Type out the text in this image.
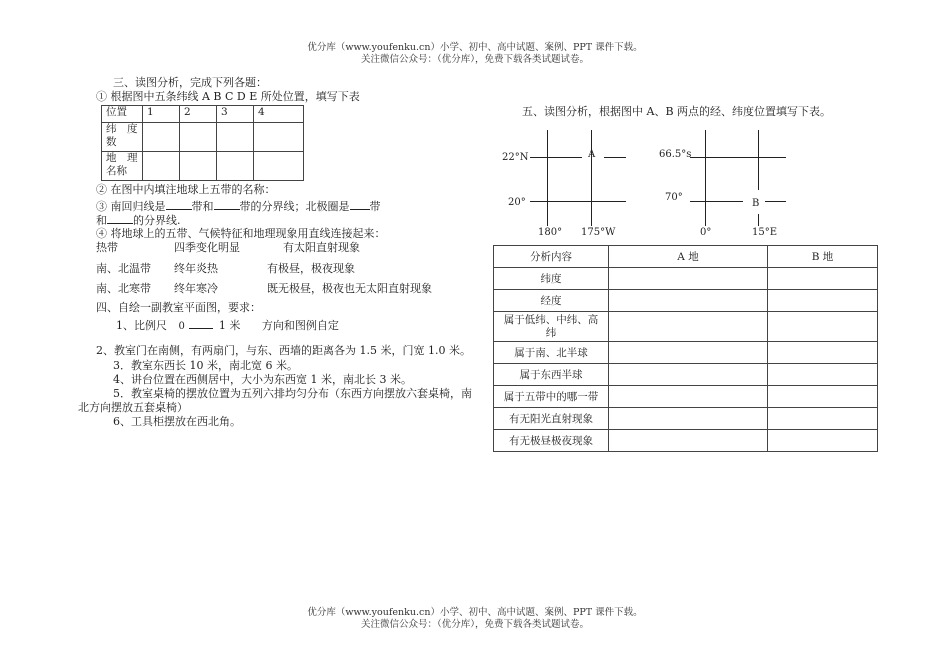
优分库（www.youfenku.cn）小学、初中、高中试题、案例、PPT 课件下载。
关注微信公众号：（优分库），免费下载各类试题试卷。
三、读图分析，完成下列各题：
① 根据图中五条纬线 A B C D E 所处位置，填写下表
位置	1	2	3	4

纬　度
数				

地　理
名称				

② 在图中内填注地球上五带的名称：
③ 南回归线是 带和 带的分界线；北极圈是 带
和 的分界线.
④ 将地球上的五带、气候特征和地理现象用直线连接起来：
热带	四季变化明显	有太阳直射现象
南、北温带 终年炎热	有极昼，极夜现象
南、北寒带 终年寒冷	既无极昼，极夜也无太阳直射现象
四、自绘一副教室平面图，要求：
1、比例尺 0	1 米 方向和图例自定
2、教室门在南侧，有两扇门，与东、西墙的距离各为 1.5 米，门宽 1.0 米。
3．教室东西长 10 米，南北宽 6 米。
4、讲台位置在西侧居中，大小为东西宽 1 米，南北长 3 米。
5．教室桌椅的摆放位置为五列六排均匀分布（东西方向摆放六套桌椅，南
北方向摆放五套桌椅）
6、工具柜摆放在西北角。
五、读图分析，根据图中 A、B 两点的经、纬度位置填写下表。
22°N
20°
A
180° 175°W
66.5°s
70°
B
0°	15°E
分析内容	A 地	B 地
纬度		
经度		

属于低纬、中纬、高
纬		

属于南、北半球		
属于东西半球		
属于五带中的哪一带		
有无阳光直射现象		
有无极昼极夜现象		
优分库（www.youfenku.cn）小学、初中、高中试题、案例、PPT 课件下载。
关注微信公众号：（优分库），免费下载各类试题试卷。
